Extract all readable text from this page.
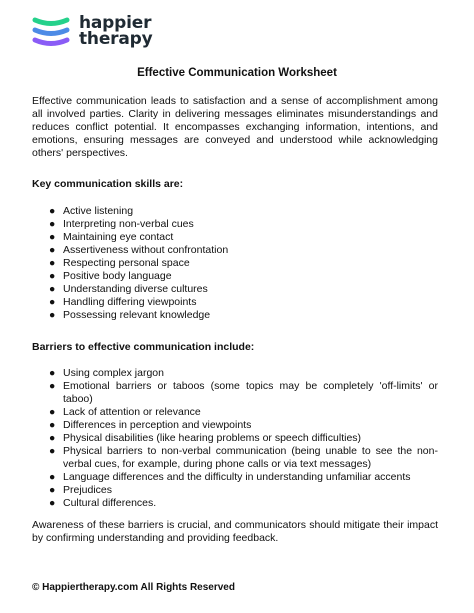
happier
therapy
Effective Communication Worksheet

Effective communication leads to satisfaction and a sense of accomplishment among all involved parties. Clarity in delivering messages eliminates misunderstandings and reduces conflict potential. It encompasses exchanging information, intentions, and emotions, ensuring messages are conveyed and understood while acknowledging others' perspectives.

Key communication skills are:

● Active listening
● Interpreting non-verbal cues
● Maintaining eye contact
● Assertiveness without confrontation
● Respecting personal space
● Positive body language
● Understanding diverse cultures
● Handling differing viewpoints
● Possessing relevant knowledge

Barriers to effective communication include:

● Using complex jargon
● Emotional barriers or taboos (some topics may be completely 'off-limits' or taboo)
● Lack of attention or relevance
● Differences in perception and viewpoints
● Physical disabilities (like hearing problems or speech difficulties)
● Physical barriers to non-verbal communication (being unable to see the non-verbal cues, for example, during phone calls or via text messages)
● Language differences and the difficulty in understanding unfamiliar accents
● Prejudices
● Cultural differences.

Awareness of these barriers is crucial, and communicators should mitigate their impact by confirming understanding and providing feedback.

© Happiertherapy.com All Rights Reserved
